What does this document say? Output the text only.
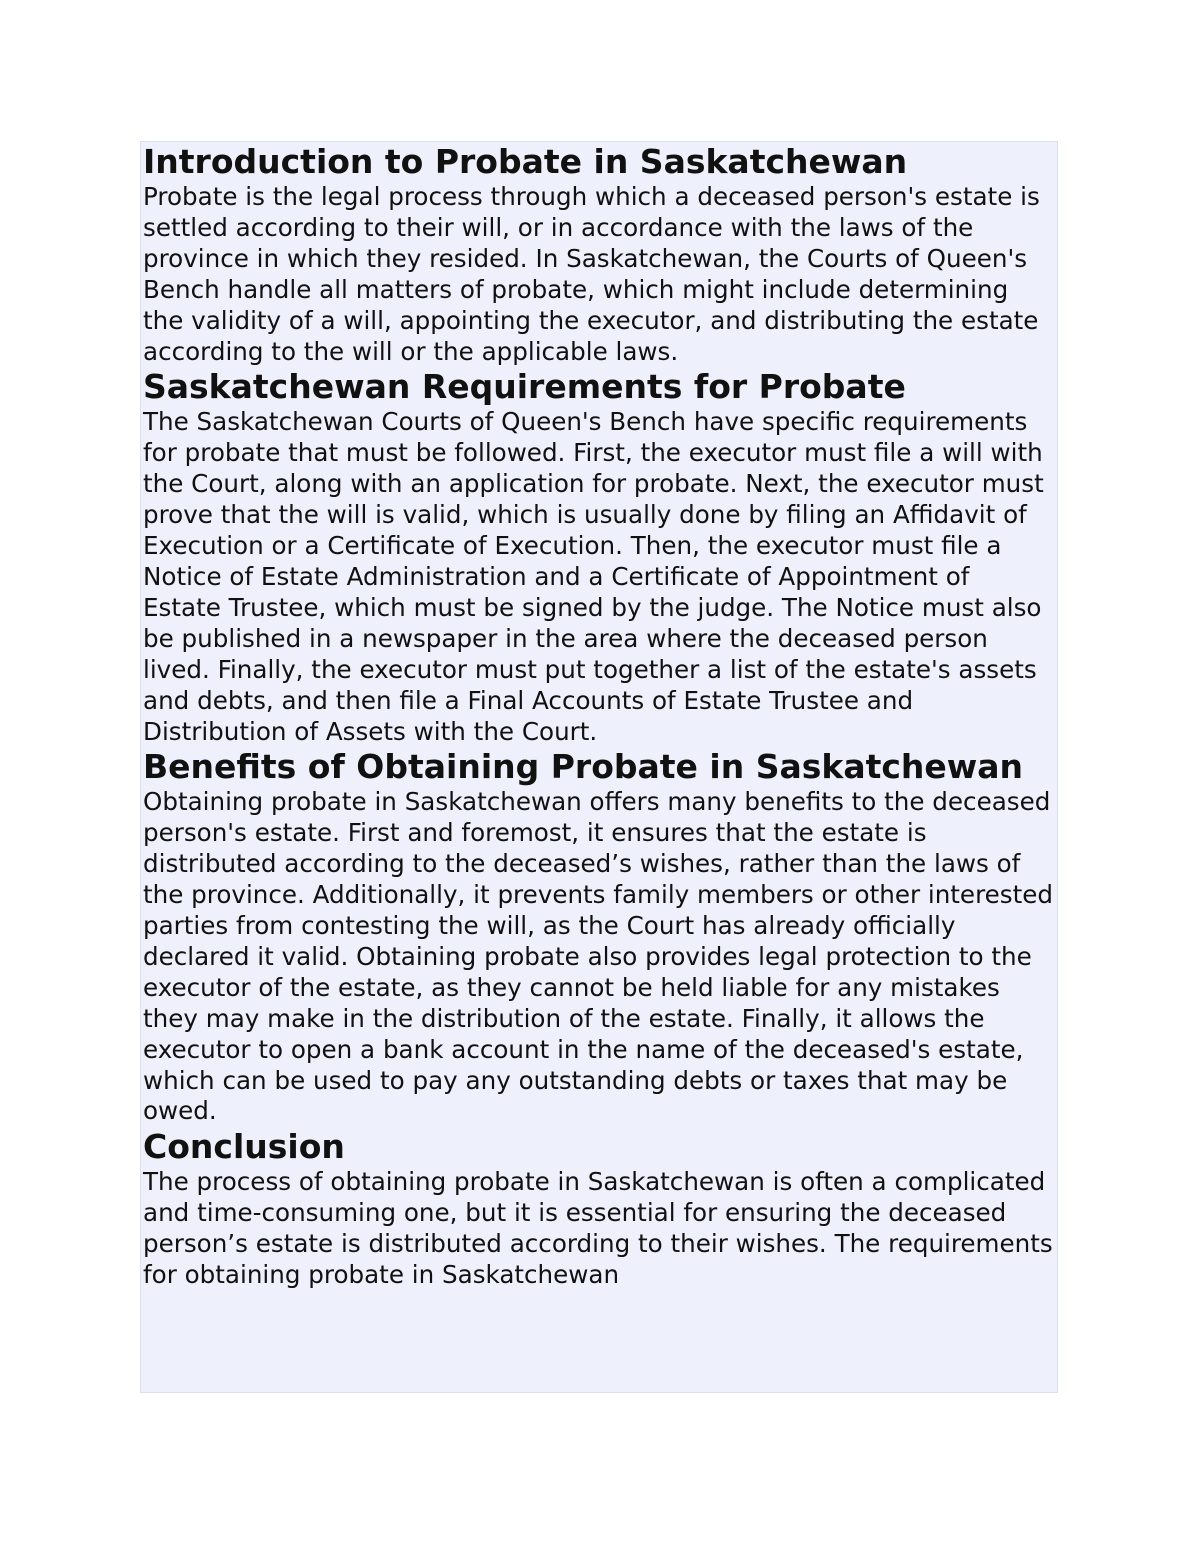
Introduction to Probate in Saskatchewan

Probate is the legal process through which a deceased person's estate is settled according to their will, or in accordance with the laws of the province in which they resided. In Saskatchewan, the Courts of Queen's Bench handle all matters of probate, which might include determining the validity of a will, appointing the executor, and distributing the estate according to the will or the applicable laws.

Saskatchewan Requirements for Probate

The Saskatchewan Courts of Queen's Bench have specific requirements for probate that must be followed. First, the executor must file a will with the Court, along with an application for probate. Next, the executor must prove that the will is valid, which is usually done by filing an Affidavit of Execution or a Certificate of Execution. Then, the executor must file a Notice of Estate Administration and a Certificate of Appointment of Estate Trustee, which must be signed by the judge. The Notice must also be published in a newspaper in the area where the deceased person lived. Finally, the executor must put together a list of the estate's assets and debts, and then file a Final Accounts of Estate Trustee and Distribution of Assets with the Court.

Benefits of Obtaining Probate in Saskatchewan

Obtaining probate in Saskatchewan offers many benefits to the deceased person's estate. First and foremost, it ensures that the estate is distributed according to the deceased’s wishes, rather than the laws of the province. Additionally, it prevents family members or other interested parties from contesting the will, as the Court has already officially declared it valid. Obtaining probate also provides legal protection to the executor of the estate, as they cannot be held liable for any mistakes they may make in the distribution of the estate. Finally, it allows the executor to open a bank account in the name of the deceased's estate, which can be used to pay any outstanding debts or taxes that may be owed.

Conclusion

The process of obtaining probate in Saskatchewan is often a complicated and time-consuming one, but it is essential for ensuring the deceased person’s estate is distributed according to their wishes. The requirements for obtaining probate in Saskatchewan
